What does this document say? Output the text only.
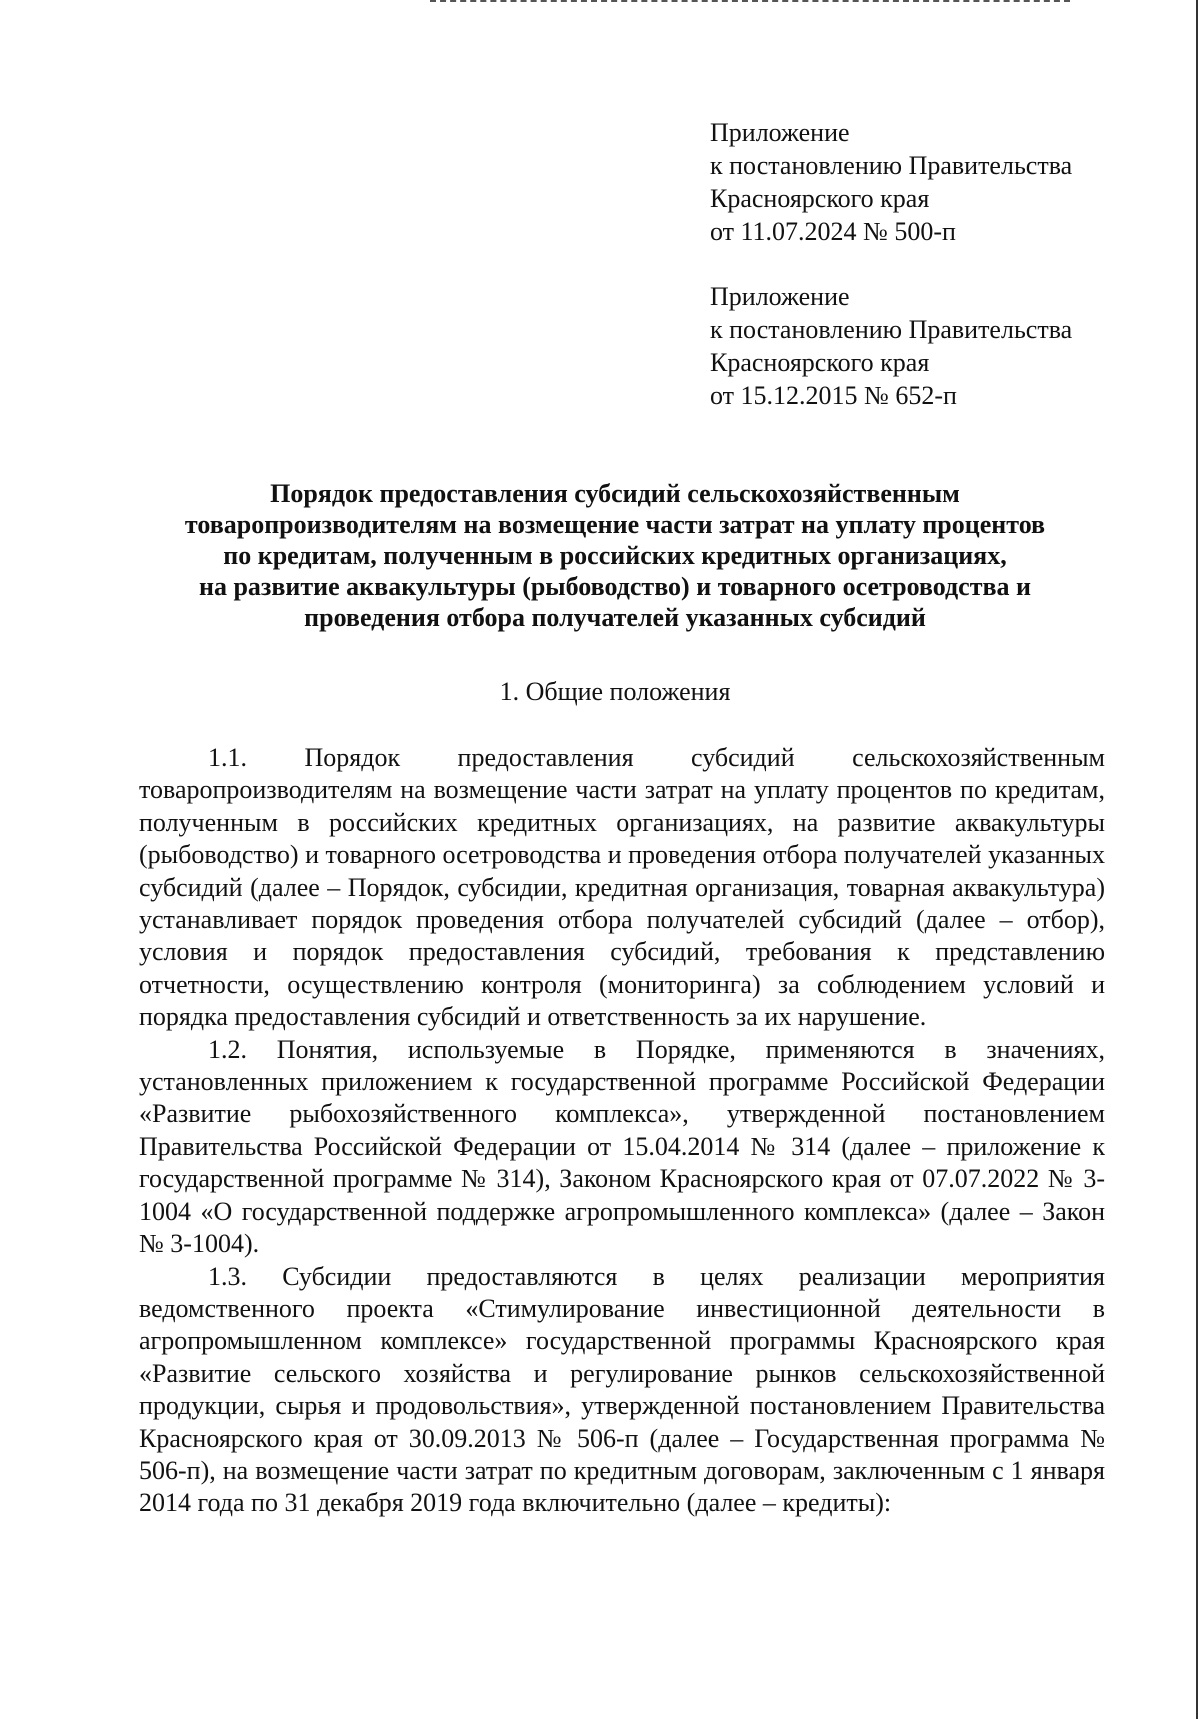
Приложение
к постановлению Правительства
Красноярского края
от 11.07.2024 № 500-п
Приложение
к постановлению Правительства
Красноярского края
от 15.12.2015 № 652-п
Порядок предоставления субсидий сельскохозяйственным
товаропроизводителям на возмещение части затрат на уплату процентов
по кредитам, полученным в российских кредитных организациях,
на развитие аквакультуры (рыбоводство) и товарного осетроводства и
проведения отбора получателей указанных субсидий
1. Общие положения

1.1. Порядок предоставления субсидий сельскохозяйственным товаропроизводителям на возмещение части затрат на уплату процентов по кредитам, полученным в российских кредитных организациях, на развитие аквакультуры (рыбоводство) и товарного осетроводства и проведения отбора получателей указанных субсидий (далее – Порядок, субсидии, кредитная организация, товарная аквакультура) устанавливает порядок проведения отбора получателей субсидий (далее – отбор), условия и порядок предоставления субсидий, требования к представлению отчетности, осуществлению контроля (мониторинга) за соблюдением условий и порядка предоставления субсидий и ответственность за их нарушение.

1.2. Понятия, используемые в Порядке, применяются в значениях, установленных приложением к государственной программе Российской Федерации «Развитие рыбохозяйственного комплекса», утвержденной постановлением Правительства Российской Федерации от 15.04.2014 № 314 (далее – приложение к государственной программе № 314), Законом Красноярского края от 07.07.2022 № 3-1004 «О государственной поддержке агропромышленного комплекса» (далее – Закон № 3-1004).

1.3. Субсидии предоставляются в целях реализации мероприятия ведомственного проекта «Стимулирование инвестиционной деятельности в агропромышленном комплексе» государственной программы Красноярского края «Развитие сельского хозяйства и регулирование рынков сельскохозяйственной продукции, сырья и продовольствия», утвержденной постановлением Правительства Красноярского края от 30.09.2013 № 506-п (далее – Государственная программа № 506-п), на возмещение части затрат по кредитным договорам, заключенным с 1 января 2014 года по 31 декабря 2019 года включительно (далее – кредиты):
